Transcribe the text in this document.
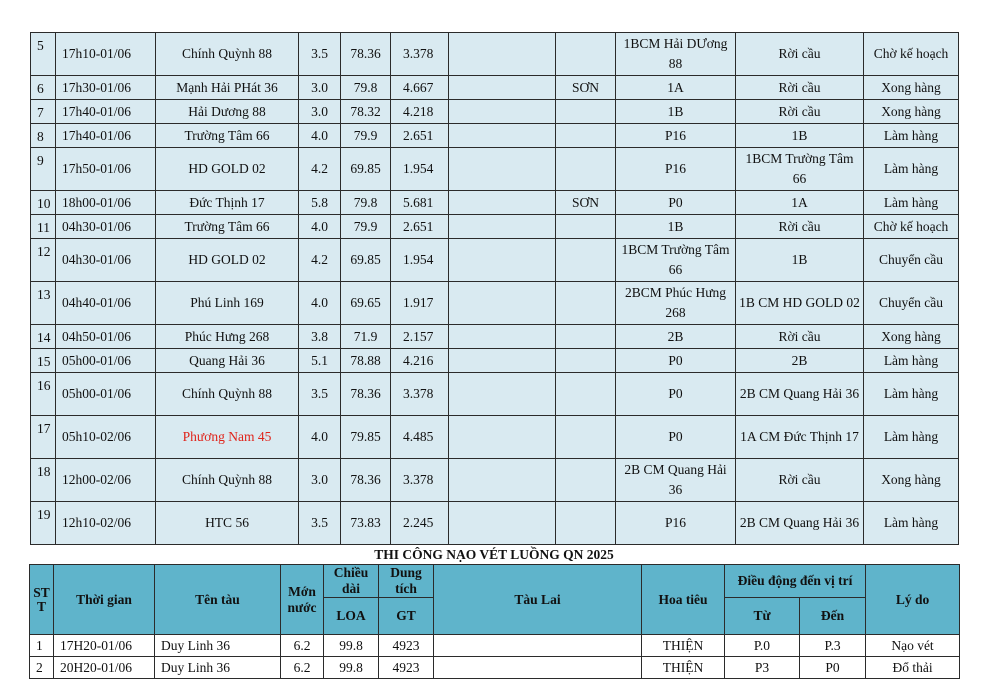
5	17h10-01/06	Chính Quỳnh 88	3.5	78.36	3.378			1BCM Hải DƯơng 88	Rời cầu	Chờ kế hoạch
6	17h30-01/06	Mạnh Hải PHát 36	3.0	79.8	4.667		SƠN	1A	Rời cầu	Xong hàng
7	17h40-01/06	Hải Dương 88	3.0	78.32	4.218			1B	Rời cầu	Xong hàng
8	17h40-01/06	Trường Tâm 66	4.0	79.9	2.651			P16	1B	Làm hàng
9	17h50-01/06	HD GOLD 02	4.2	69.85	1.954			P16	1BCM Trường Tâm 66	Làm hàng
10	18h00-01/06	Đức Thịnh 17	5.8	79.8	5.681		SƠN	P0	1A	Làm hàng
11	04h30-01/06	Trường Tâm 66	4.0	79.9	2.651			1B	Rời cầu	Chờ kế hoạch
12	04h30-01/06	HD GOLD 02	4.2	69.85	1.954			1BCM Trường Tâm 66	1B	Chuyển cầu
13	04h40-01/06	Phú Linh 169	4.0	69.65	1.917			2BCM Phúc Hưng 268	1B CM HD GOLD 02	Chuyển cầu
14	04h50-01/06	Phúc Hưng 268	3.8	71.9	2.157			2B	Rời cầu	Xong hàng
15	05h00-01/06	Quang Hải 36	5.1	78.88	4.216			P0	2B	Làm hàng
16	05h00-01/06	Chính Quỳnh 88	3.5	78.36	3.378			P0	2B CM Quang Hải 36	Làm hàng
17	05h10-02/06	Phương Nam 45	4.0	79.85	4.485			P0	1A CM Đức Thịnh 17	Làm hàng
18	12h00-02/06	Chính Quỳnh 88	3.0	78.36	3.378			2B CM Quang Hải 36	Rời cầu	Xong hàng
19	12h10-02/06	HTC 56	3.5	73.83	2.245			P16	2B CM Quang Hải 36	Làm hàng
THI CÔNG NẠO VÉT LUỒNG QN 2025
STT	Thời gian	Tên tàu	Mớn nước	Chiều dài	Dung tích	Tàu Lai	Hoa tiêu	Điều động đến vị trí		Lý do
				LOA	GT			Từ	Đến	
1	17H20-01/06	Duy Linh 36	6.2	99.8	4923		THIỆN	P.0	P.3	Nạo vét
2	20H20-01/06	Duy Linh 36	6.2	99.8	4923		THIỆN	P3	P0	Đổ thải
